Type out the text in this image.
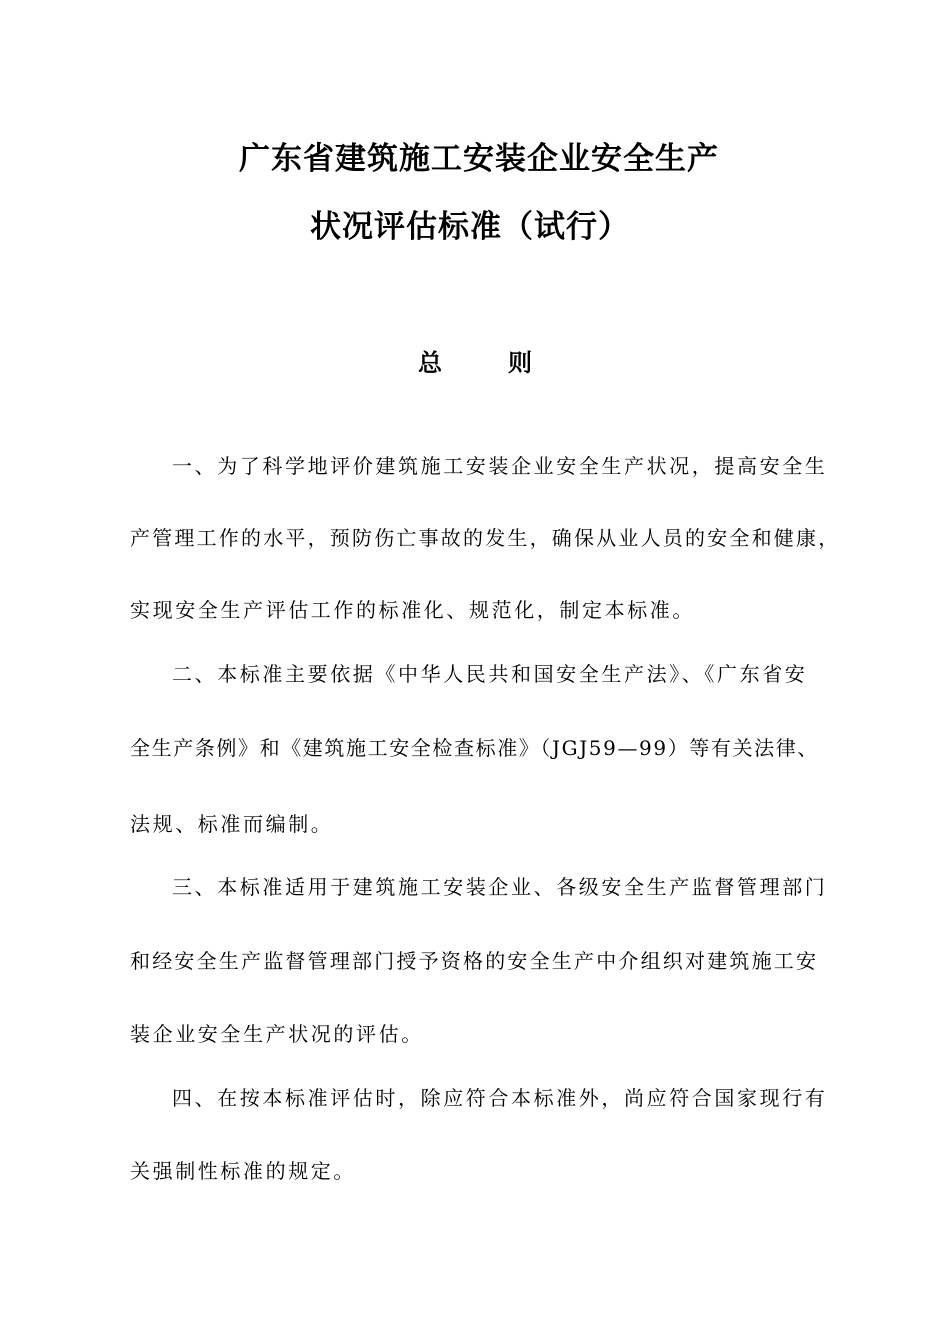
广东省建筑施工安装企业安全生产
状况评估标准（试行）
总	则
一、为了科学地评价建筑施工安装企业安全生产状况，提高安全生
产管理工作的水平，预防伤亡事故的发生，确保从业人员的安全和健康，
实现安全生产评估工作的标准化、规范化，制定本标准。
二、本标准主要依据《中华人民共和国安全生产法》、《广东省安
全生产条例》和《建筑施工安全检查标准》（JGJ59—99）等有关法律、
法规、标准而编制。
三、本标准适用于建筑施工安装企业、各级安全生产监督管理部门
和经安全生产监督管理部门授予资格的安全生产中介组织对建筑施工安
装企业安全生产状况的评估。
四、在按本标准评估时，除应符合本标准外，尚应符合国家现行有
关强制性标准的规定。
